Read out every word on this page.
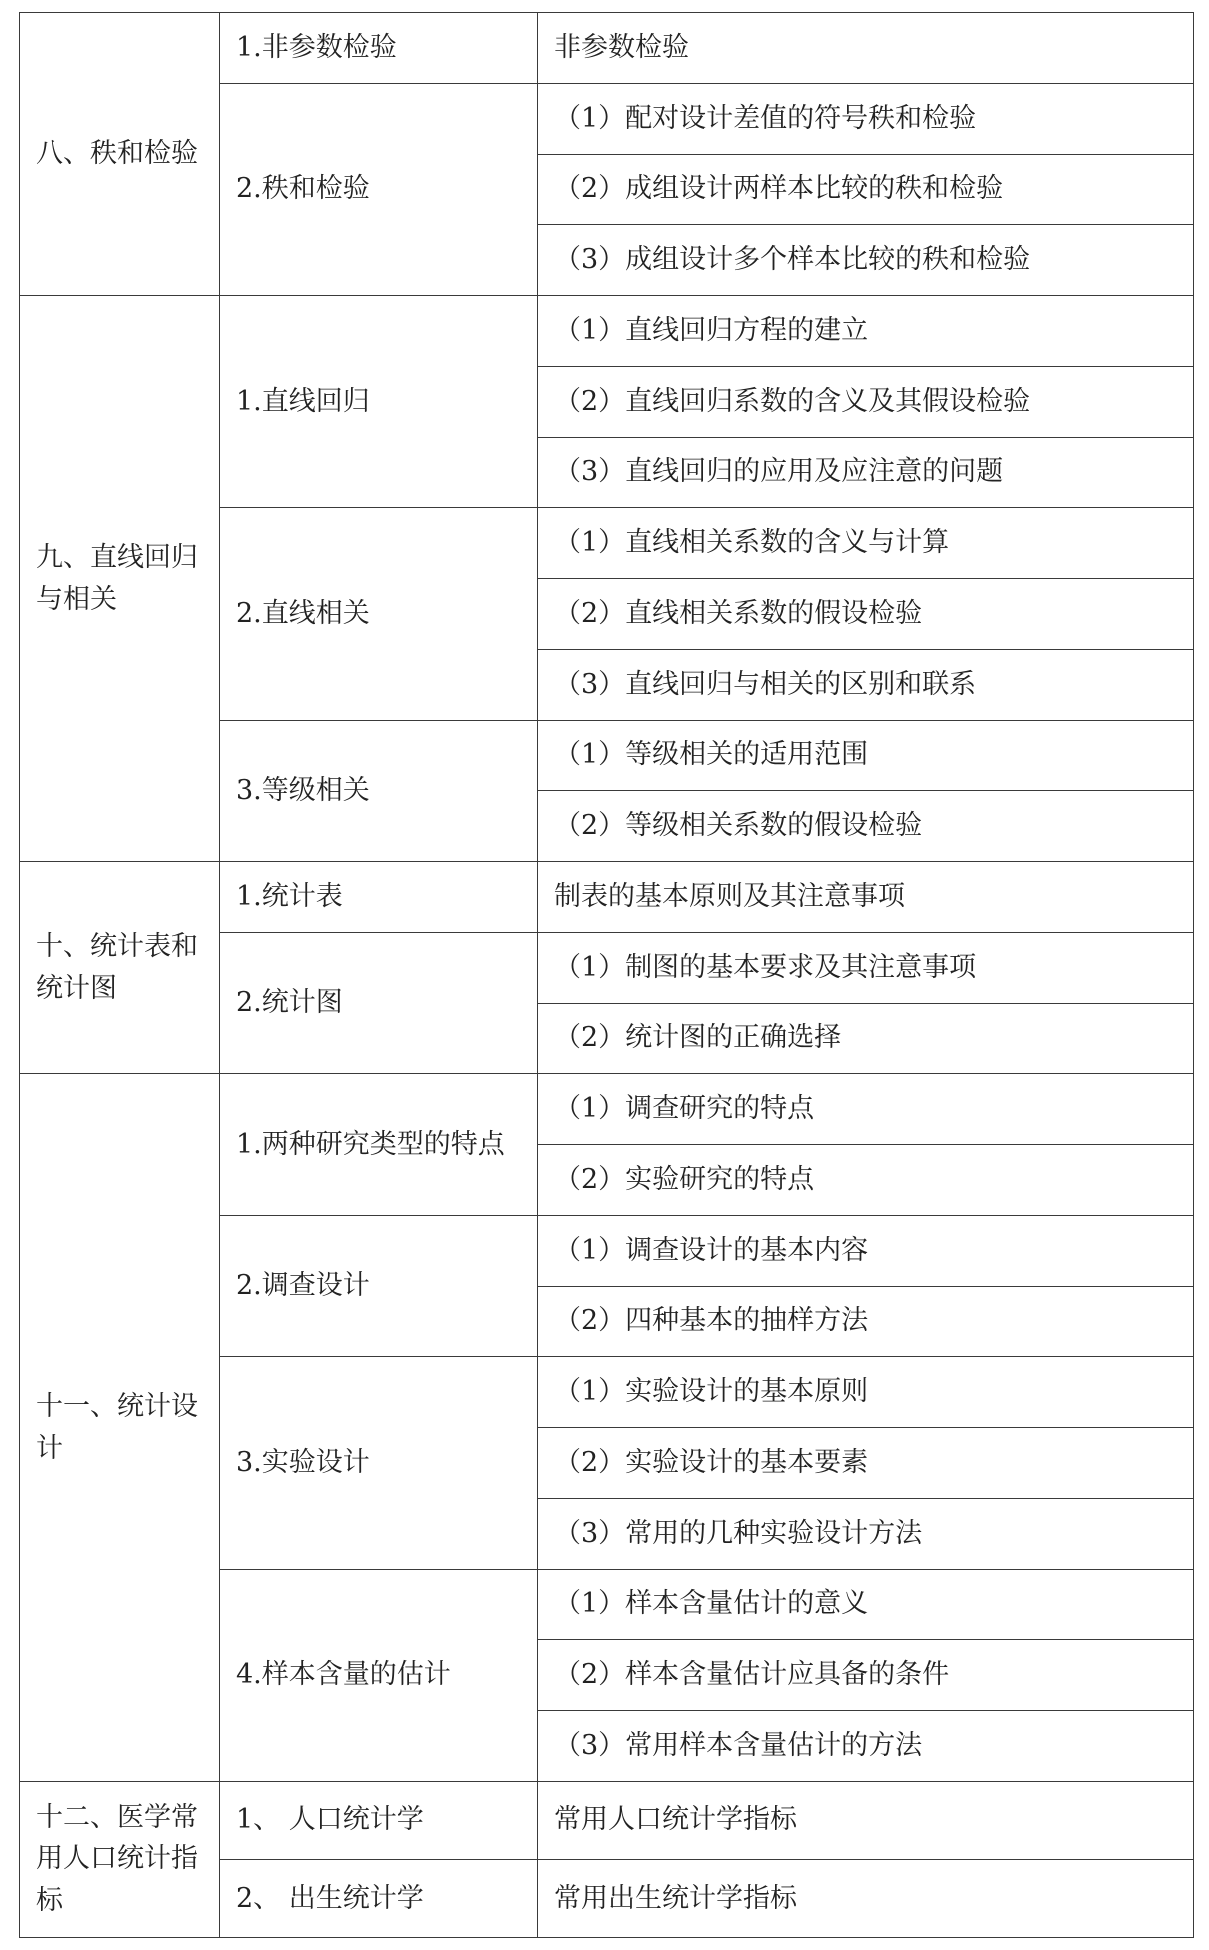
八、秩和检验	1.非参数检验	非参数检验
	2.秩和检验	（1）配对设计差值的符号秩和检验
		（2）成组设计两样本比较的秩和检验
		（3）成组设计多个样本比较的秩和检验
九、直线回归与相关	1.直线回归	（1）直线回归方程的建立
		（2）直线回归系数的含义及其假设检验
		（3）直线回归的应用及应注意的问题
	2.直线相关	（1）直线相关系数的含义与计算
		（2）直线相关系数的假设检验
		（3）直线回归与相关的区别和联系
	3.等级相关	（1）等级相关的适用范围
		（2）等级相关系数的假设检验
十、统计表和统计图	1.统计表	制表的基本原则及其注意事项
	2.统计图	（1）制图的基本要求及其注意事项
		（2）统计图的正确选择
十一、统计设计	1.两种研究类型的特点	（1）调查研究的特点
		（2）实验研究的特点
	2.调查设计	（1）调查设计的基本内容
		（2）四种基本的抽样方法
	3.实验设计	（1）实验设计的基本原则
		（2）实验设计的基本要素
		（3）常用的几种实验设计方法
	4.样本含量的估计	（1）样本含量估计的意义
		（2）样本含量估计应具备的条件
		（3）常用样本含量估计的方法
十二、医学常用人口统计指标	1、 人口统计学	常用人口统计学指标
	2、 出生统计学	常用出生统计学指标
